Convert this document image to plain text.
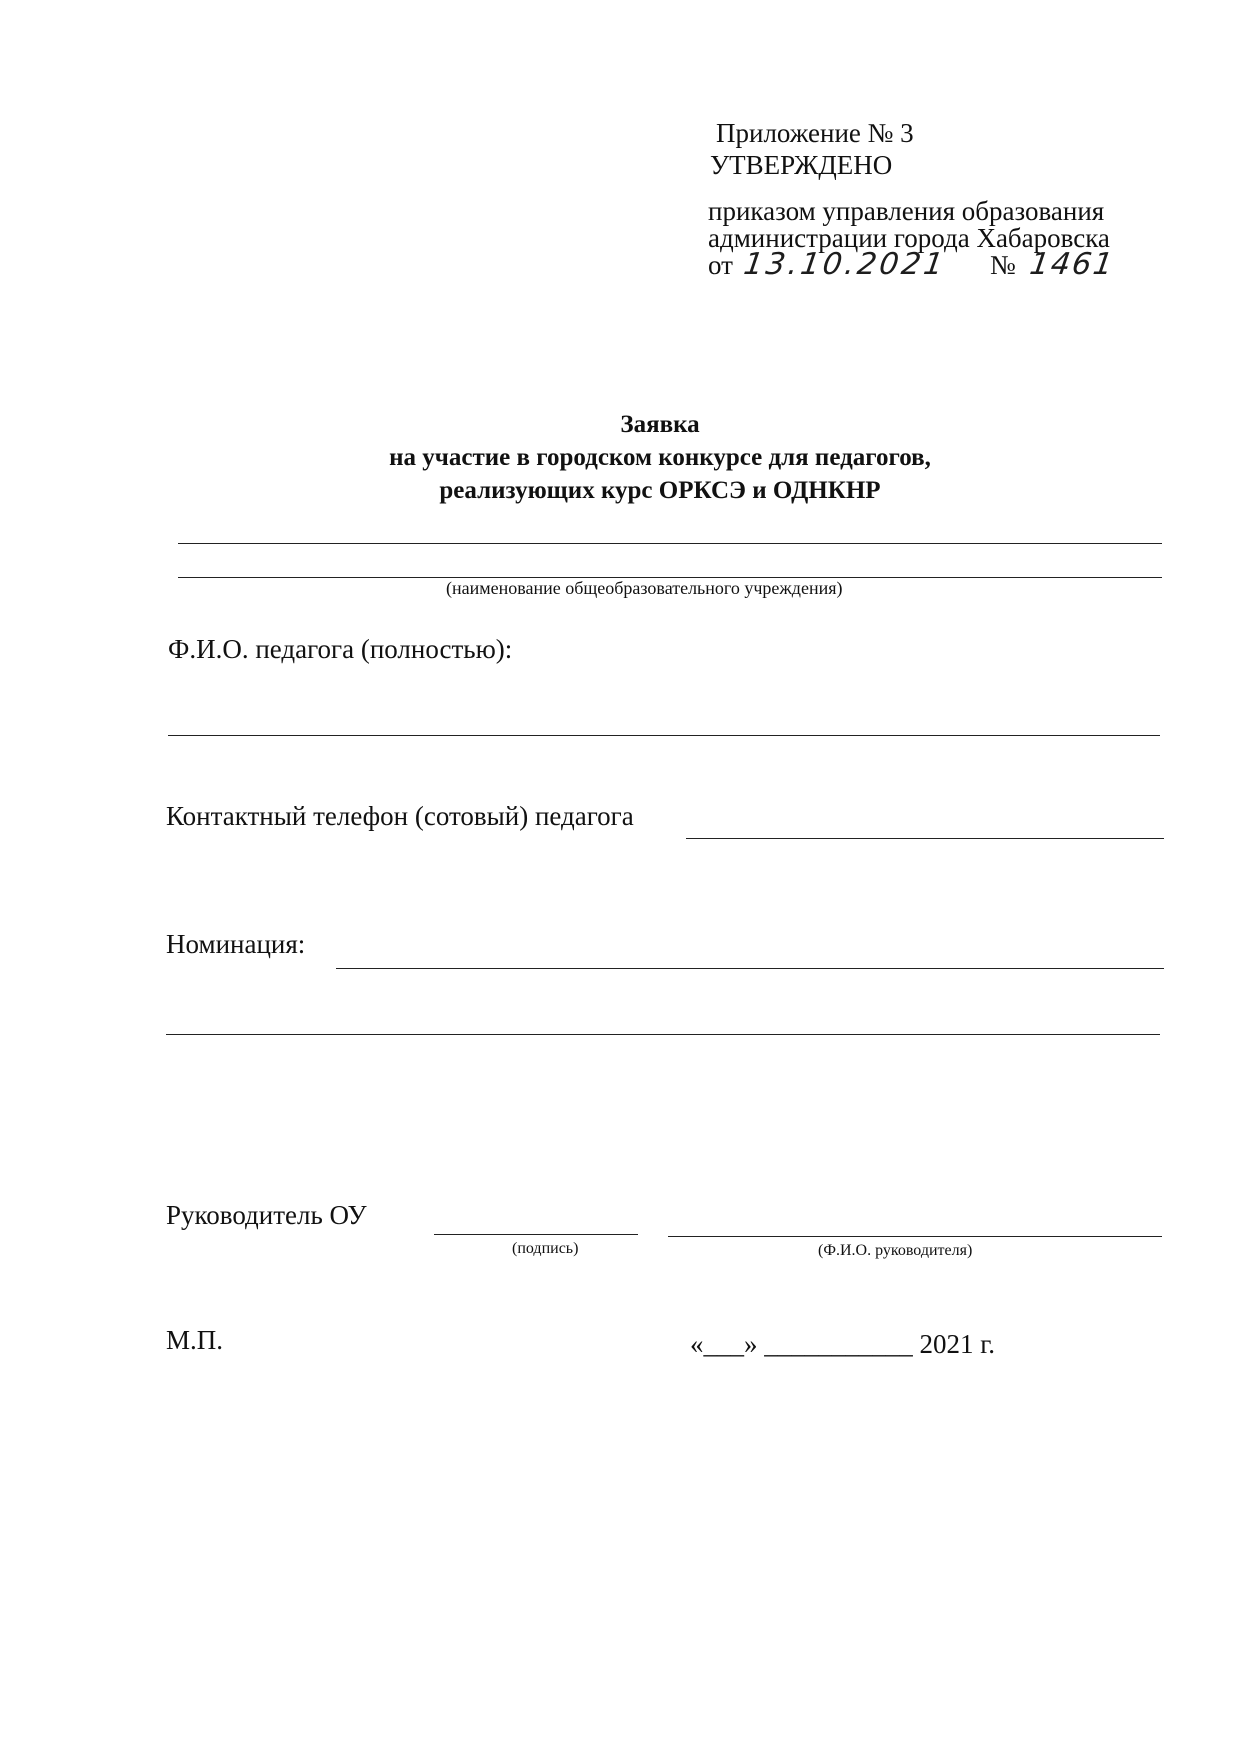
Приложение № 3
УТВЕРЖДЕНО
приказом управления образования
администрации города Хабаровска
от 13.10.2021 № 1461
Заявка
на участие в городском конкурсе для педагогов,
реализующих курс ОРКСЭ и ОДНКНР
(наименование общеобразовательного учреждения)
Ф.И.О. педагога (полностью):
Контактный телефон (сотовый) педагога
Номинация:
Руководитель ОУ
(подпись)	(Ф.И.О. руководителя)
М.П.	«___» ___________ 2021 г.
